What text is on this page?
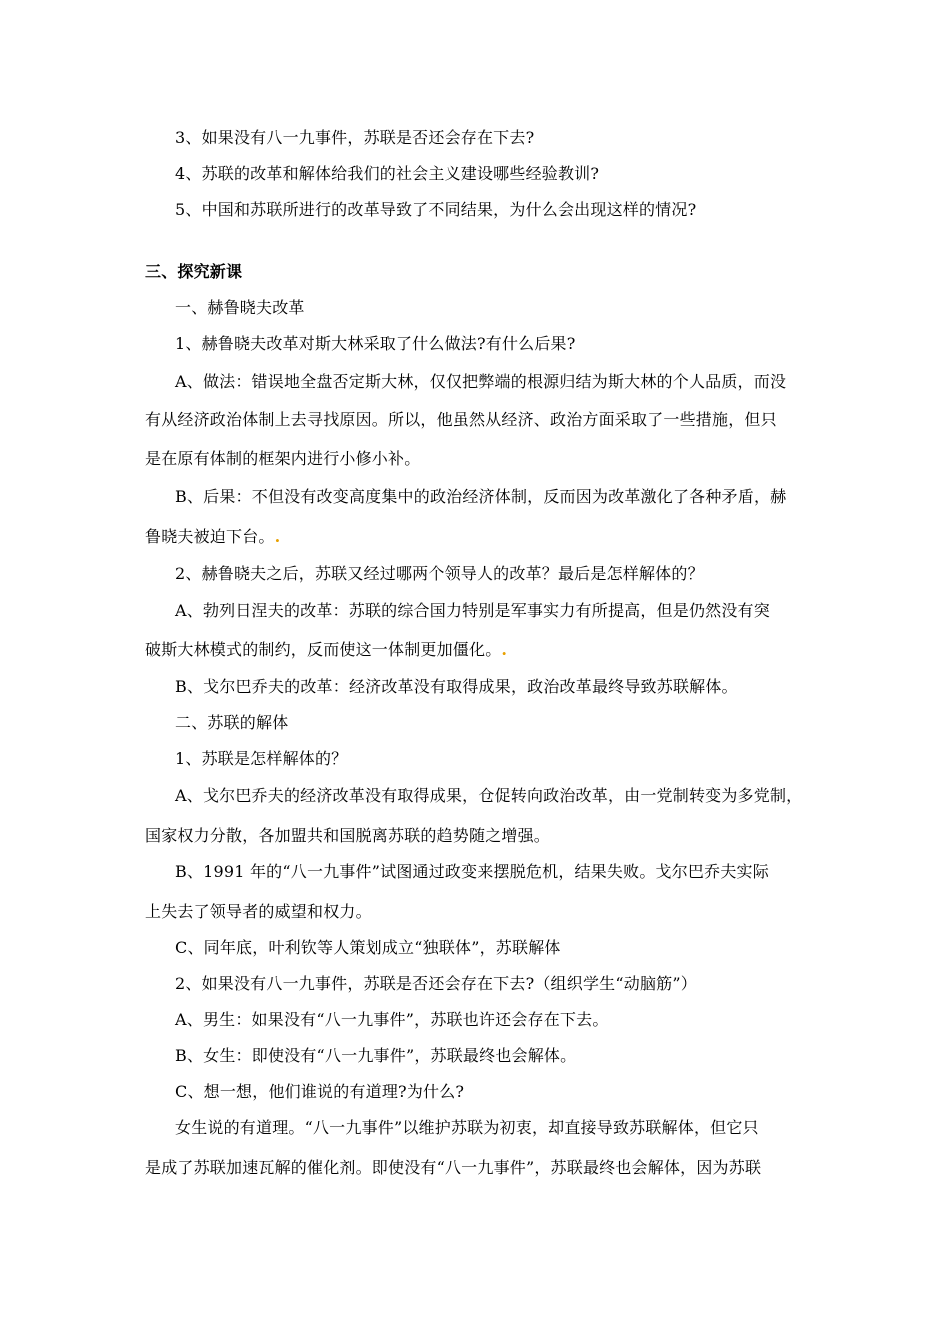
3、如果没有八一九事件，苏联是否还会存在下去?
4、苏联的改革和解体给我们的社会主义建设哪些经验教训?
5、中国和苏联所进行的改革导致了不同结果，为什么会出现这样的情况?
三、探究新课
一、赫鲁晓夫改革
1、赫鲁晓夫改革对斯大林采取了什么做法?有什么后果?
A、做法：错误地全盘否定斯大林，仅仅把弊端的根源归结为斯大林的个人品质，而没
有从经济政治体制上去寻找原因。所以，他虽然从经济、政治方面采取了一些措施，但只
是在原有体制的框架内进行小修小补。
B、后果：不但没有改变高度集中的政治经济体制，反而因为改革激化了各种矛盾，赫
鲁晓夫被迫下台。.
2、赫鲁晓夫之后，苏联又经过哪两个领导人的改革？最后是怎样解体的？
A、勃列日涅夫的改革：苏联的综合国力特别是军事实力有所提高，但是仍然没有突
破斯大林模式的制约，反而使这一体制更加僵化。.
B、戈尔巴乔夫的改革：经济改革没有取得成果，政治改革最终导致苏联解体。
二、苏联的解体
1、苏联是怎样解体的？
A、戈尔巴乔夫的经济改革没有取得成果，仓促转向政治改革，由一党制转变为多党制，
国家权力分散，各加盟共和国脱离苏联的趋势随之增强。
B、1991 年的“八一九事件”试图通过政变来摆脱危机，结果失败。戈尔巴乔夫实际
上失去了领导者的威望和权力。
C、同年底，叶利钦等人策划成立“独联体”，苏联解体
2、如果没有八一九事件，苏联是否还会存在下去?（组织学生“动脑筋”）
A、男生：如果没有“八一九事件”，苏联也许还会存在下去。
B、女生：即使没有“八一九事件”，苏联最终也会解体。
C、想一想，他们谁说的有道理?为什么?
女生说的有道理。“八一九事件”以维护苏联为初衷，却直接导致苏联解体，但它只
是成了苏联加速瓦解的催化剂。即使没有“八一九事件”，苏联最终也会解体，因为苏联
